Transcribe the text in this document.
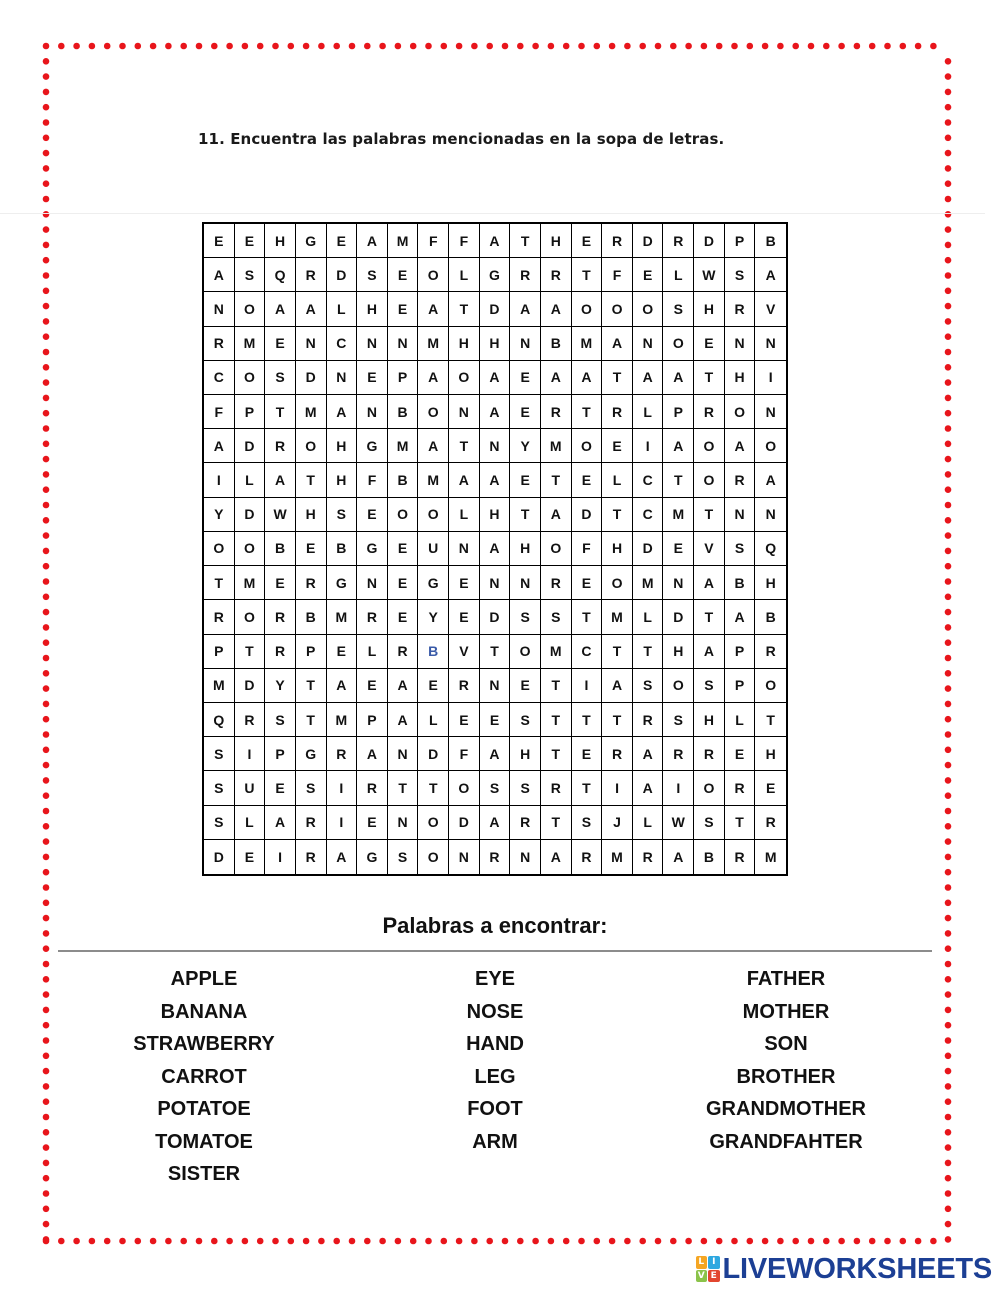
11. Encuentra las palabras mencionadas en la sopa de letras.
E	E	H	G	E	A	M	F	F	A	T	H	E	R	D	R	D	P	B
A	S	Q	R	D	S	E	O	L	G	R	R	T	F	E	L	W	S	A
N	O	A	A	L	H	E	A	T	D	A	A	O	O	O	S	H	R	V
R	M	E	N	C	N	N	M	H	H	N	B	M	A	N	O	E	N	N
C	O	S	D	N	E	P	A	O	A	E	A	A	T	A	A	T	H	I
F	P	T	M	A	N	B	O	N	A	E	R	T	R	L	P	R	O	N
A	D	R	O	H	G	M	A	T	N	Y	M	O	E	I	A	O	A	O
I	L	A	T	H	F	B	M	A	A	E	T	E	L	C	T	O	R	A
Y	D	W	H	S	E	O	O	L	H	T	A	D	T	C	M	T	N	N
O	O	B	E	B	G	E	U	N	A	H	O	F	H	D	E	V	S	Q
T	M	E	R	G	N	E	G	E	N	N	R	E	O	M	N	A	B	H
R	O	R	B	M	R	E	Y	E	D	S	S	T	M	L	D	T	A	B
P	T	R	P	E	L	R	B	V	T	O	M	C	T	T	H	A	P	R
M	D	Y	T	A	E	A	E	R	N	E	T	I	A	S	O	S	P	O
Q	R	S	T	M	P	A	L	E	E	S	T	T	T	R	S	H	L	T
S	I	P	G	R	A	N	D	F	A	H	T	E	R	A	R	R	E	H
S	U	E	S	I	R	T	T	O	S	S	R	T	I	A	I	O	R	E
S	L	A	R	I	E	N	O	D	A	R	T	S	J	L	W	S	T	R
D	E	I	R	A	G	S	O	N	R	N	A	R	M	R	A	B	R	M
Palabras a encontrar:
APPLE
BANANA
STRAWBERRY
CARROT
POTATOE
TOMATOE
SISTER
EYE
NOSE
HAND
LEG
FOOT
ARM
FATHER
MOTHER
SON
BROTHER
GRANDMOTHER
GRANDFAHTER
L I
V E LIVEWORKSHEETS
